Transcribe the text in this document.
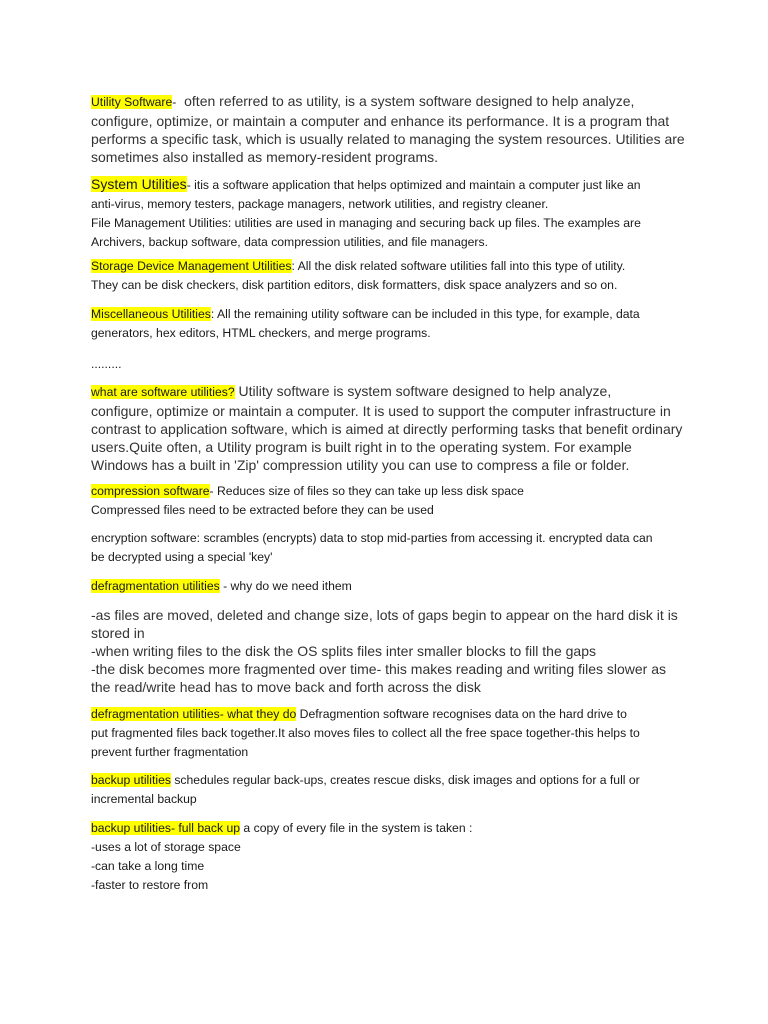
Utility Software-  often referred to as utility, is a system software designed to help analyze,
configure, optimize, or maintain a computer and enhance its performance. It is a program that
performs a specific task, which is usually related to managing the system resources. Utilities are
sometimes also installed as memory-resident programs.
System Utilities- itis a software application that helps optimized and maintain a computer just like an
anti-virus, memory testers, package managers, network utilities, and registry cleaner.
File Management Utilities: utilities are used in managing and securing back up files. The examples are
Archivers, backup software, data compression utilities, and file managers.
Storage Device Management Utilities: All the disk related software utilities fall into this type of utility.
They can be disk checkers, disk partition editors, disk formatters, disk space analyzers and so on.
Miscellaneous Utilities: All the remaining utility software can be included in this type, for example, data
generators, hex editors, HTML checkers, and merge programs.
.........
what are software utilities? Utility software is system software designed to help analyze,
configure, optimize or maintain a computer. It is used to support the computer infrastructure in
contrast to application software, which is aimed at directly performing tasks that benefit ordinary
users.Quite often, a Utility program is built right in to the operating system. For example
Windows has a built in 'Zip' compression utility you can use to compress a file or folder.
compression software- Reduces size of files so they can take up less disk space
Compressed files need to be extracted before they can be used
encryption software: scrambles (encrypts) data to stop mid-parties from accessing it. encrypted data can
be decrypted using a special 'key'
defragmentation utilities - why do we need ithem
-as files are moved, deleted and change size, lots of gaps begin to appear on the hard disk it is
stored in
-when writing files to the disk the OS splits files inter smaller blocks to fill the gaps
-the disk becomes more fragmented over time- this makes reading and writing files slower as
the read/write head has to move back and forth across the disk
defragmentation utilities- what they do Defragmention software recognises data on the hard drive to
put fragmented files back together.It also moves files to collect all the free space together-this helps to
prevent further fragmentation
backup utilities schedules regular back-ups, creates rescue disks, disk images and options for a full or
incremental backup
backup utilities- full back up a copy of every file in the system is taken :
-uses a lot of storage space
-can take a long time
-faster to restore from
